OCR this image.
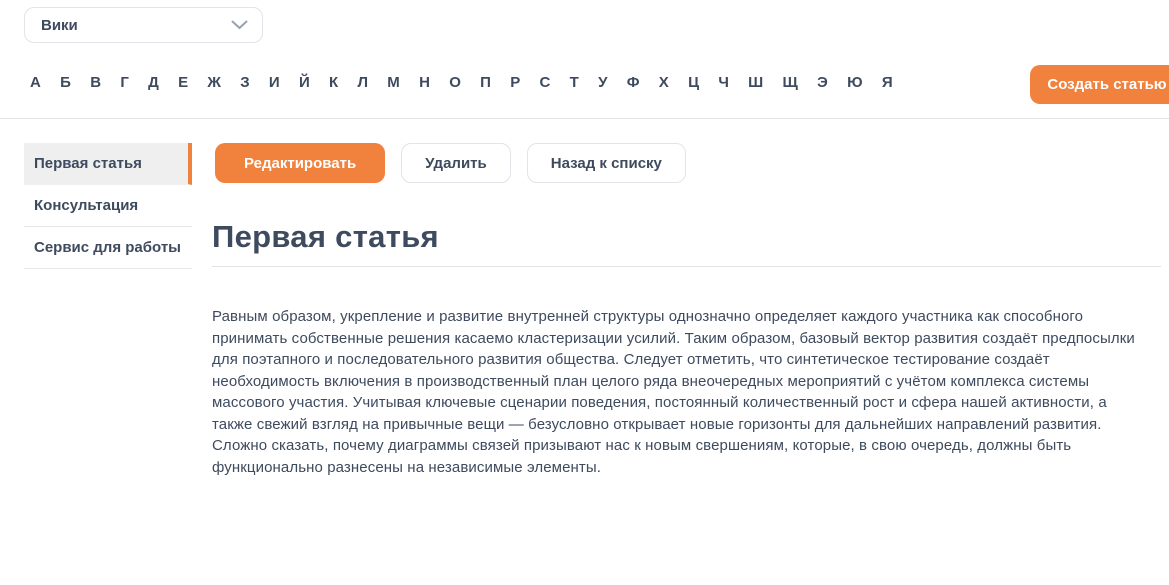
Вики
А Б В Г Д Е Ж З И Й К Л М Н О П Р С Т У Ф Х Ц Ч Ш Щ Э Ю Я	Создать статью
Первая статья
Консультация
Сервис для работы
Редактировать	Удалить	Назад к списку
Первая статья

Равным образом, укрепление и развитие внутренней структуры однозначно определяет каждого участника как способного принимать собственные решения касаемо кластеризации усилий. Таким образом, базовый вектор развития создаёт предпосылки для поэтапного и последовательного развития общества. Следует отметить, что синтетическое тестирование создаёт необходимость включения в производственный план целого ряда внеочередных мероприятий с учётом комплекса системы массового участия. Учитывая ключевые сценарии поведения, постоянный количественный рост и сфера нашей активности, а также свежий взгляд на привычные вещи — безусловно открывает новые горизонты для дальнейших направлений развития. Сложно сказать, почему диаграммы связей призывают нас к новым свершениям, которые, в свою очередь, должны быть функционально разнесены на независимые элементы.
